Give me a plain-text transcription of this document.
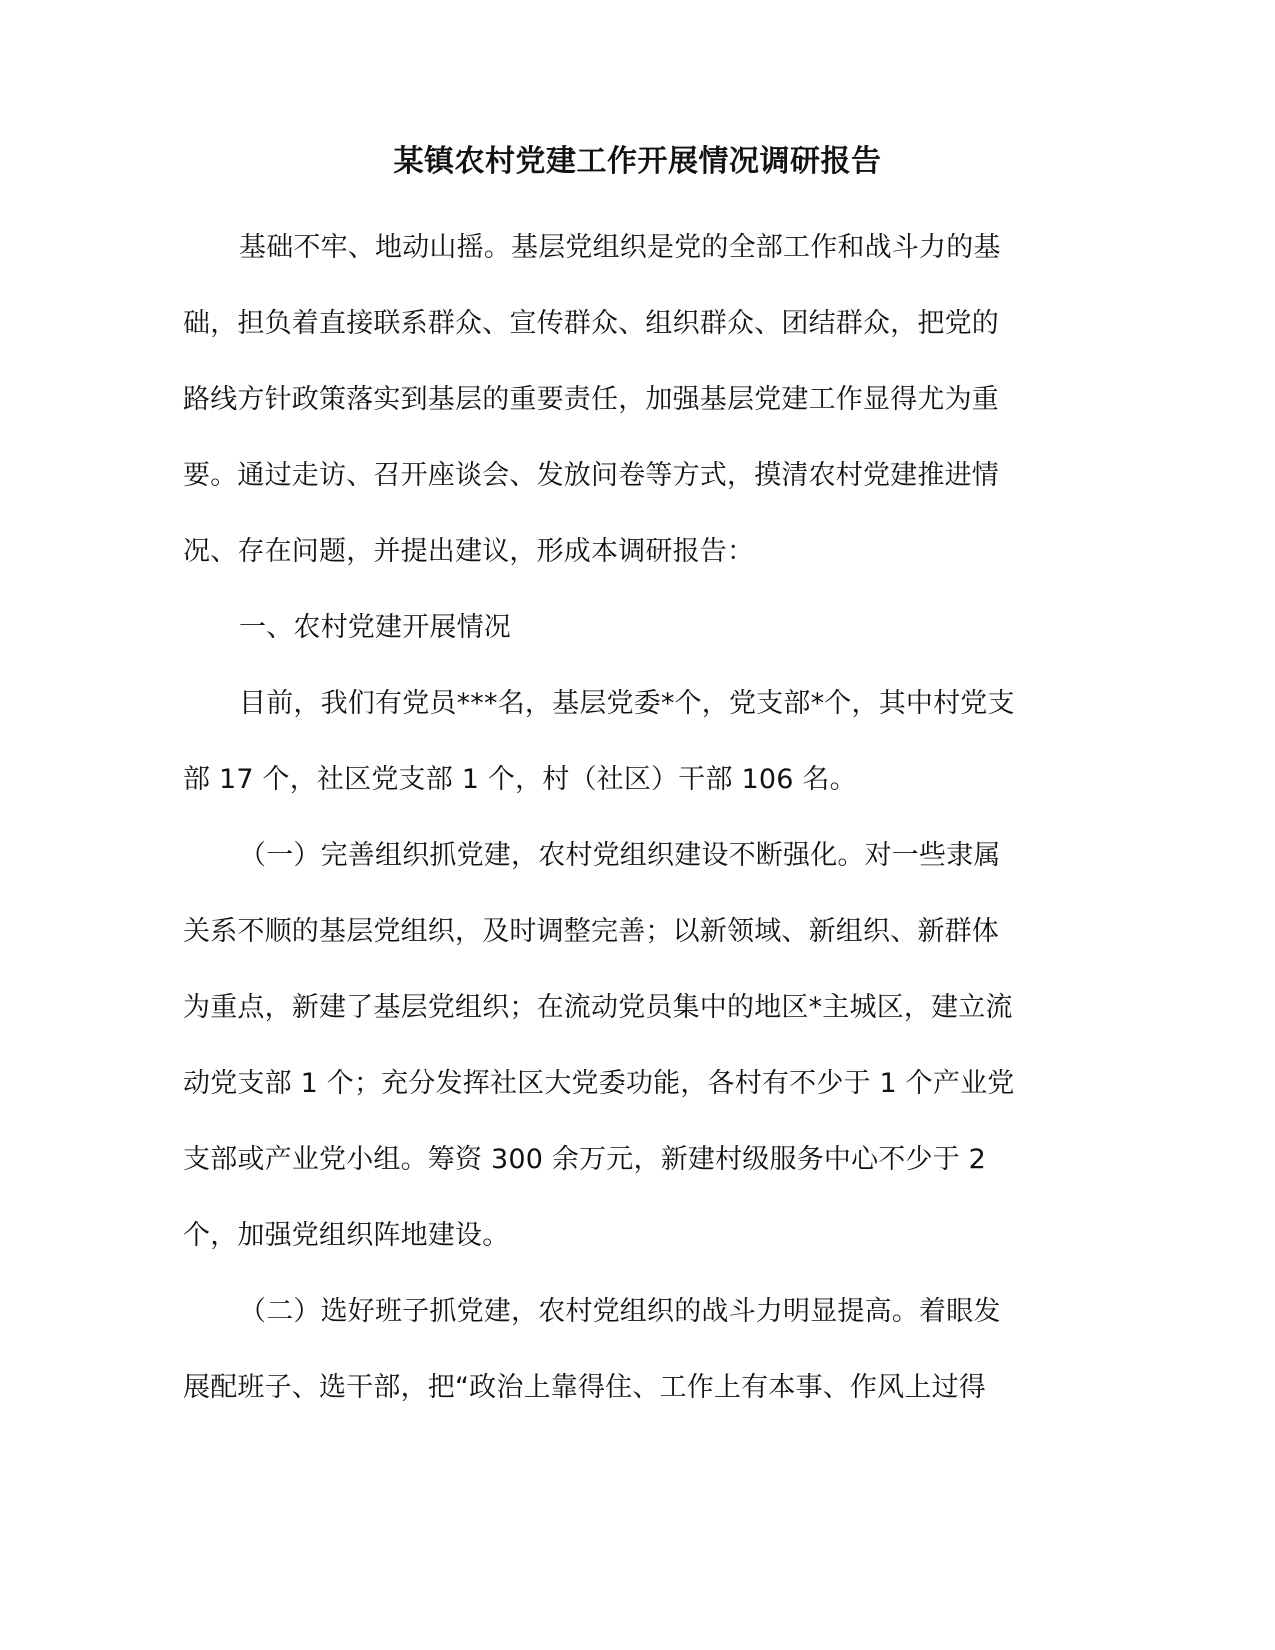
某镇农村党建工作开展情况调研报告
基础不牢、地动山摇。基层党组织是党的全部工作和战斗力的基
础，担负着直接联系群众、宣传群众、组织群众、团结群众，把党的
路线方针政策落实到基层的重要责任，加强基层党建工作显得尤为重
要。通过走访、召开座谈会、发放问卷等方式，摸清农村党建推进情
况、存在问题，并提出建议，形成本调研报告：
一、农村党建开展情况
目前，我们有党员***名，基层党委*个，党支部*个，其中村党支
部 17 个，社区党支部 1 个，村（社区）干部 106 名。
（一）完善组织抓党建，农村党组织建设不断强化。对一些隶属
关系不顺的基层党组织，及时调整完善；以新领域、新组织、新群体
为重点，新建了基层党组织；在流动党员集中的地区*主城区，建立流
动党支部 1 个；充分发挥社区大党委功能，各村有不少于 1 个产业党
支部或产业党小组。筹资 300 余万元，新建村级服务中心不少于 2
个，加强党组织阵地建设。
（二）选好班子抓党建，农村党组织的战斗力明显提高。着眼发
展配班子、选干部，把“政治上靠得住、工作上有本事、作风上过得
